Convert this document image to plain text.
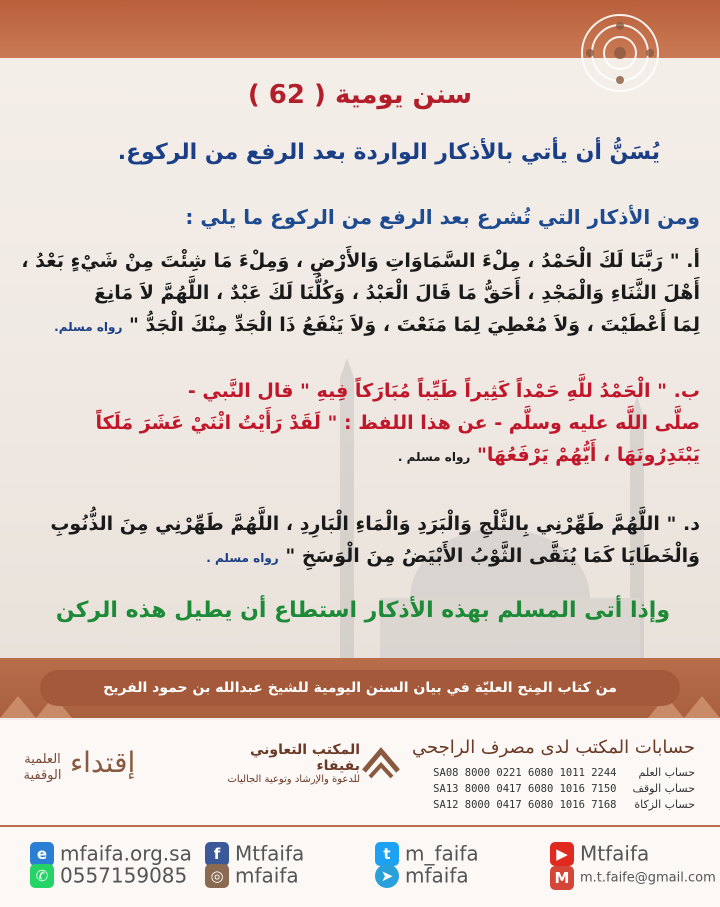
سنن يومية ( 62 )
يُسَنُّ أن يأتي بالأذكار الواردة بعد الرفع من الركوع.
ومن الأذكار التي تُشرع بعد الرفع من الركوع ما يلي :
أ. " رَبَّنَا لَكَ الْحَمْدُ ، مِلْءَ السَّمَاوَاتِ وَالأَرْضِ ، وَمِلْءَ مَا شِئْتَ مِنْ شَيْءٍ بَعْدُ ،
أَهْلَ الثَّنَاءِ وَالْمَجْدِ ، أَحَقُّ مَا قَالَ الْعَبْدُ ، وَكُلُّنَا لَكَ عَبْدٌ ، اللَّهُمَّ لاَ مَانِعَ
لِمَا أَعْطَيْتَ ، وَلاَ مُعْطِيَ لِمَا مَنَعْتَ ، وَلاَ يَنْفَعُ ذَا الْجَدِّ مِنْكَ الْجَدُّ " رواه مسلم.
ب. " الْحَمْدُ للَّهِ حَمْداً كَثِيراً طَيِّباً مُبَارَكاً فِيهِ " قال النَّبي -
صلَّى اللَّه عليه وسلَّم - عن هذا اللفظ : " لَقَدْ رَأَيْتُ اثْنَيْ عَشَرَ مَلَكاً
يَبْتَدِرُونَهَا ، أَيُّهُمْ يَرْفَعُهَا" رواه مسلم .
د. " اللَّهُمَّ طَهِّرْنِي بِالثَّلْجِ وَالْبَرَدِ وَالْمَاءِ الْبَارِدِ ، اللَّهُمَّ طَهِّرْنِي مِنَ الذُّنُوبِ
وَالْخَطَايَا كَمَا يُنَقَّى الثَّوْبُ الأَبْيَضُ مِنَ الْوَسَخِ " رواه مسلم .
وإذا أتى المسلم بهذه الأذكار استطاع أن يطيل هذه الركن
من كتاب المِنح العليّة في بيان السنن اليومية للشيخ عبدالله بن حمود الفريح
حسابات المكتب لدى مصرف الراجحي
حساب العلم SA08 8000 0221 6080 1011 2244
حساب الوقف SA13 8000 0417 6080 1016 7150
حساب الزكاة SA12 8000 0417 6080 1016 7168
المكتب التعاوني بفيفاء
للدعوة والإرشاد وتوعية الجاليات
إقتداء
العلمية الوقفية
e mfaifa.org.sa	f Mtfaifa	t m_faifa	▶ Mtfaifa
✆ 0557159085	◎ mfaifa	➤ mfaifa	M m.t.faife@gmail.com
